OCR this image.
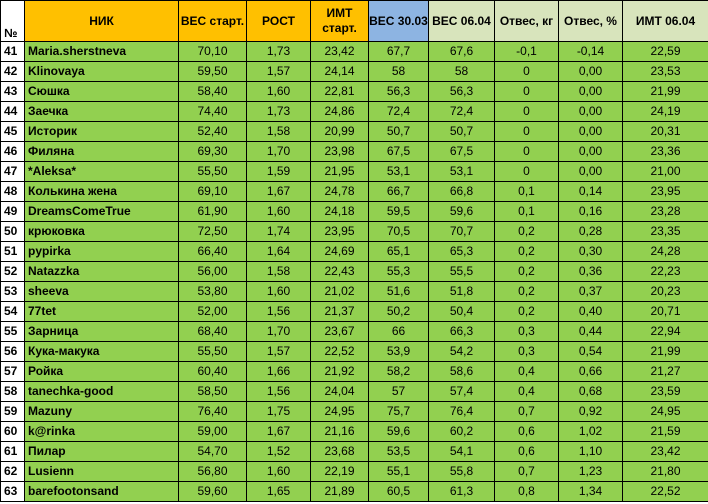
№	НИК	ВЕС старт.	РОСТ	ИМТ старт.	ВЕС 30.03	ВЕС 06.04	Отвес, кг	Отвес, %	ИМТ 06.04
41	Maria.sherstneva	70,10	1,73	23,42	67,7	67,6	-0,1	-0,14	22,59
42	Klinovaya	59,50	1,57	24,14	58	58	0	0,00	23,53
43	Сюшка	58,40	1,60	22,81	56,3	56,3	0	0,00	21,99
44	Заечка	74,40	1,73	24,86	72,4	72,4	0	0,00	24,19
45	Историк	52,40	1,58	20,99	50,7	50,7	0	0,00	20,31
46	Филяна	69,30	1,70	23,98	67,5	67,5	0	0,00	23,36
47	*Aleksa*	55,50	1,59	21,95	53,1	53,1	0	0,00	21,00
48	Колькина жена	69,10	1,67	24,78	66,7	66,8	0,1	0,14	23,95
49	DreamsComeTrue	61,90	1,60	24,18	59,5	59,6	0,1	0,16	23,28
50	крюковка	72,50	1,74	23,95	70,5	70,7	0,2	0,28	23,35
51	pypirka	66,40	1,64	24,69	65,1	65,3	0,2	0,30	24,28
52	Natazzka	56,00	1,58	22,43	55,3	55,5	0,2	0,36	22,23
53	sheeva	53,80	1,60	21,02	51,6	51,8	0,2	0,37	20,23
54	77tet	52,00	1,56	21,37	50,2	50,4	0,2	0,40	20,71
55	Зарница	68,40	1,70	23,67	66	66,3	0,3	0,44	22,94
56	Кука-макука	55,50	1,57	22,52	53,9	54,2	0,3	0,54	21,99
57	Ройка	60,40	1,66	21,92	58,2	58,6	0,4	0,66	21,27
58	tanechka-good	58,50	1,56	24,04	57	57,4	0,4	0,68	23,59
59	Mazuny	76,40	1,75	24,95	75,7	76,4	0,7	0,92	24,95
60	k@rinka	59,00	1,67	21,16	59,6	60,2	0,6	1,02	21,59
61	Пилар	54,70	1,52	23,68	53,5	54,1	0,6	1,10	23,42
62	Lusienn	56,80	1,60	22,19	55,1	55,8	0,7	1,23	21,80
63	barefootonsand	59,60	1,65	21,89	60,5	61,3	0,8	1,34	22,52
